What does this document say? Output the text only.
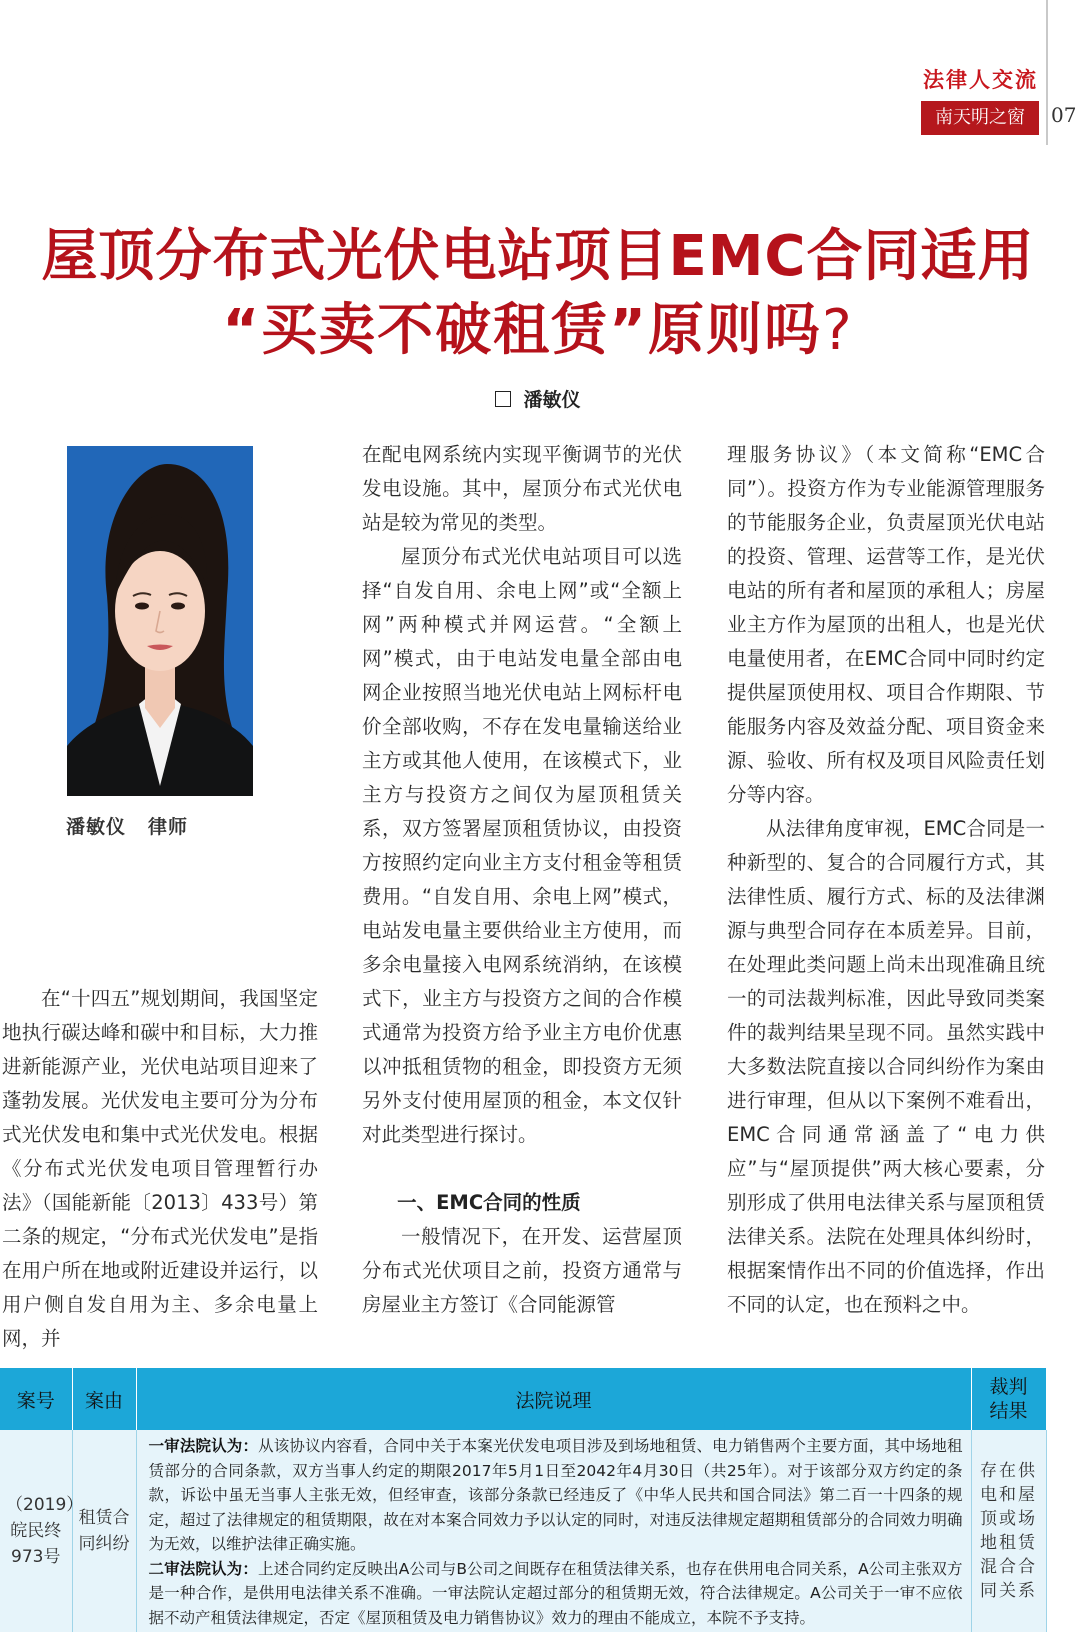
法律人交流
南天明之窗	07
屋顶分布式光伏电站项目EMC合同适用
“买卖不破租赁”原则吗?
潘敏仪
潘敏仪 律师

在“十四五”规划期间，我国坚定地执行碳达峰和碳中和目标，大力推进新能源产业，光伏电站项目迎来了蓬勃发展。光伏发电主要可分为分布式光伏发电和集中式光伏发电。根据《分布式光伏发电项目管理暂行办法》（国能新能〔2013〕433号）第二条的规定，“分布式光伏发电”是指在用户所在地或附近建设并运行，以用户侧自发自用为主、多余电量上网，并

在配电网系统内实现平衡调节的光伏发电设施。其中，屋顶分布式光伏电站是较为常见的类型。

屋顶分布式光伏电站项目可以选择“自发自用、余电上网”或“全额上网”两种模式并网运营。“全额上网”模式，由于电站发电量全部由电网企业按照当地光伏电站上网标杆电价全部收购，不存在发电量输送给业主方或其他人使用，在该模式下，业主方与投资方之间仅为屋顶租赁关系，双方签署屋顶租赁协议，由投资方按照约定向业主方支付租金等租赁费用。“自发自用、余电上网”模式，电站发电量主要供给业主方使用，而多余电量接入电网系统消纳，在该模式下，业主方与投资方之间的合作模式通常为投资方给予业主方电价优惠以冲抵租赁物的租金，即投资方无须另外支付使用屋顶的租金，本文仅针对此类型进行探讨。

一、EMC合同的性质

一般情况下，在开发、运营屋顶分布式光伏项目之前，投资方通常与房屋业主方签订《合同能源管

理服务协议》（本文简称“EMC合同”）。投资方作为专业能源管理服务的节能服务企业，负责屋顶光伏电站的投资、管理、运营等工作，是光伏电站的所有者和屋顶的承租人；房屋业主方作为屋顶的出租人，也是光伏电量使用者，在EMC合同中同时约定提供屋顶使用权、项目合作期限、节能服务内容及效益分配、项目资金来源、验收、所有权及项目风险责任划分等内容。

从法律角度审视，EMC合同是一种新型的、复合的合同履行方式，其法律性质、履行方式、标的及法律渊源与典型合同存在本质差异。目前，在处理此类问题上尚未出现准确且统一的司法裁判标准，因此导致同类案件的裁判结果呈现不同。虽然实践中大多数法院直接以合同纠纷作为案由进行审理，但从以下案例不难看出，EMC合同通常涵盖了“电力供应”与“屋顶提供”两大核心要素，分别形成了供用电法律关系与屋顶租赁法律关系。法院在处理具体纠纷时，根据案情作出不同的价值选择，作出不同的认定，也在预料之中。

案号	案由	法院说理	裁判
结果
（2019）皖民终973号	租赁合同纠纷	一审法院认为：从该协议内容看，合同中关于本案光伏发电项目涉及到场地租赁、电力销售两个主要方面，其中场地租赁部分的合同条款，双方当事人约定的期限2017年5月1日至2042年4月30日（共25年）。对于该部分双方约定的条款，诉讼中虽无当事人主张无效，但经审查，该部分条款已经违反了《中华人民共和国合同法》第二百一十四条的规定，超过了法律规定的租赁期限，故在对本案合同效力予以认定的同时，对违反法律规定超期租赁部分的合同效力明确为无效，以维护法律正确实施。
二审法院认为：上述合同约定反映出A公司与B公司之间既存在租赁法律关系，也存在供用电合同关系，A公司主张双方是一种合作，是供用电法律关系不准确。一审法院认定超过部分的租赁期无效，符合法律规定。A公司关于一审不应依据不动产租赁法律规定，否定《屋顶租赁及电力销售协议》效力的理由不能成立，本院不予支持。	存在供电和屋顶或场地租赁混合合同关系
